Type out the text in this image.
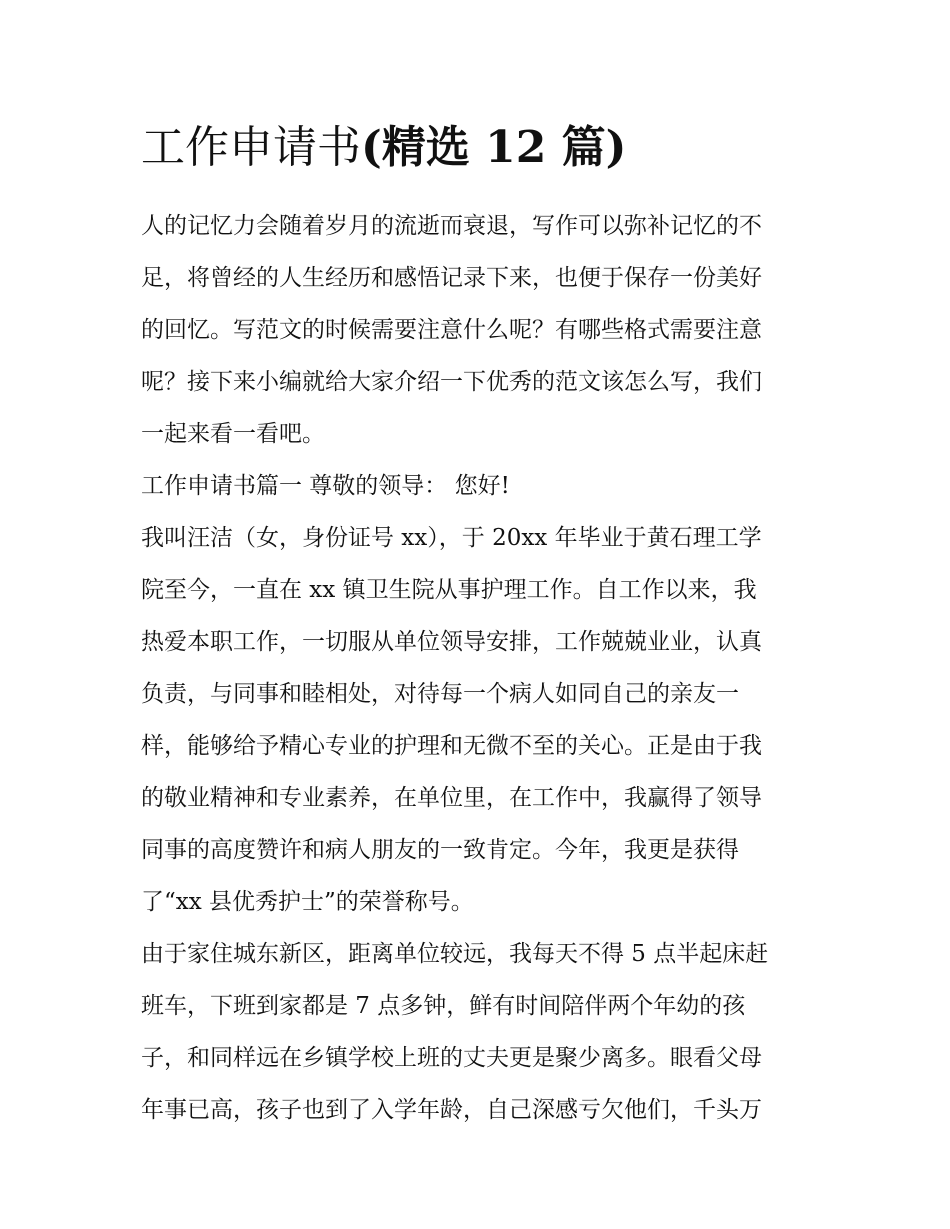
工作申请书(精选 12 篇)
人的记忆力会随着岁月的流逝而衰退，写作可以弥补记忆的不
足，将曾经的人生经历和感悟记录下来，也便于保存一份美好
的回忆。写范文的时候需要注意什么呢？有哪些格式需要注意
呢？接下来小编就给大家介绍一下优秀的范文该怎么写，我们
一起来看一看吧。
工作申请书篇一 尊敬的领导： 您好!
我叫汪洁（女，身份证号 xx），于 20xx 年毕业于黄石理工学
院至今，一直在 xx 镇卫生院从事护理工作。自工作以来，我
热爱本职工作，一切服从单位领导安排，工作兢兢业业，认真
负责，与同事和睦相处，对待每一个病人如同自己的亲友一
样，能够给予精心专业的护理和无微不至的关心。正是由于我
的敬业精神和专业素养，在单位里，在工作中，我赢得了领导
同事的高度赞许和病人朋友的一致肯定。今年，我更是获得
了“xx 县优秀护士”的荣誉称号。
由于家住城东新区，距离单位较远，我每天不得 5 点半起床赶
班车，下班到家都是 7 点多钟，鲜有时间陪伴两个年幼的孩
子，和同样远在乡镇学校上班的丈夫更是聚少离多。眼看父母
年事已高，孩子也到了入学年龄，自己深感亏欠他们，千头万
